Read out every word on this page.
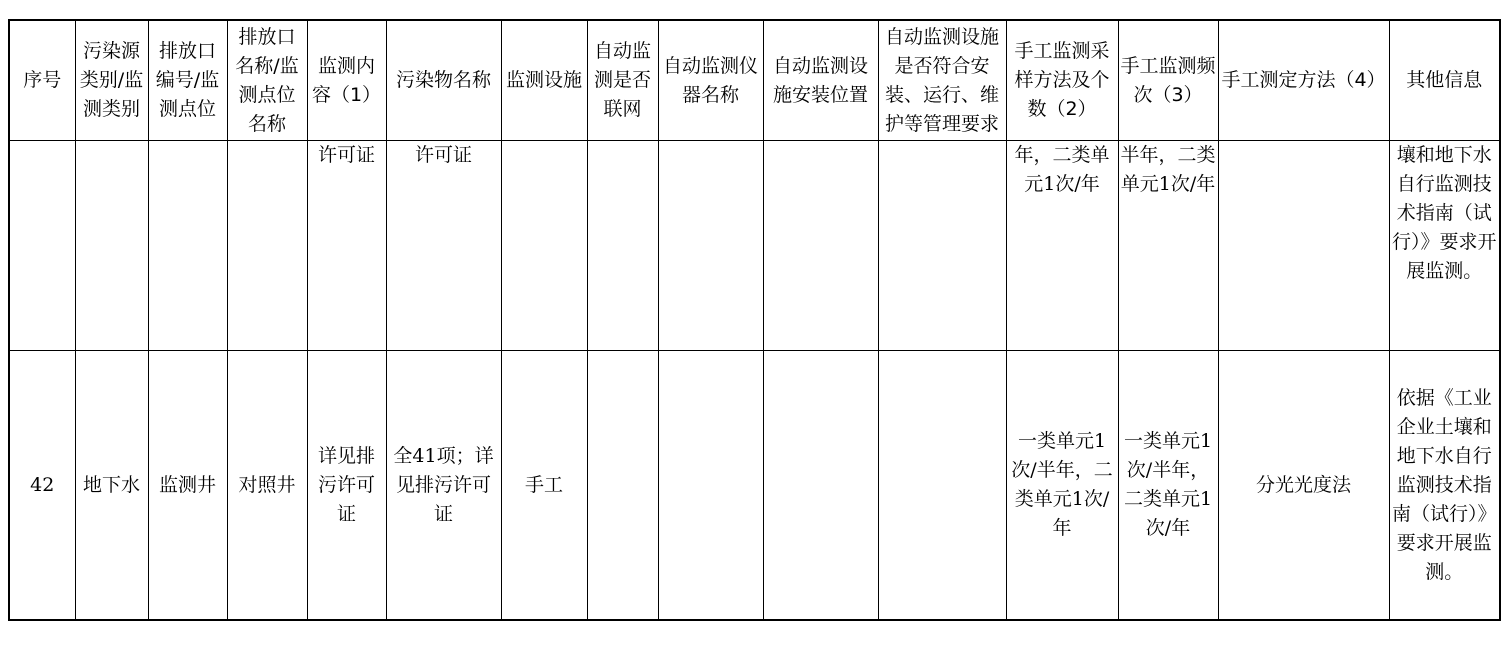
序号	污染源类别/监测类别	排放口编号/监测点位	排放口名称/监测点位名称	监测内容（1）	污染物名称	监测设施	自动监测是否联网	自动监测仪器名称	自动监测设施安装位置	自动监测设施是否符合安装、运行、维护等管理要求	手工监测采样方法及个数（2）	手工监测频次（3）	手工测定方法（4）	其他信息
				许可证	许可证						年，二类单元1次/年	半年，二类单元1次/年		壤和地下水自行监测技术指南（试行）》要求开展监测。
42	地下水	监测井	对照井	详见排污许可证	全41项；详见排污许可证	手工					一类单元1次/半年，二类单元1次/年	一类单元1次/半年，二类单元1次/年	分光光度法	依据《工业企业土壤和地下水自行监测技术指南（试行）》要求开展监测。
